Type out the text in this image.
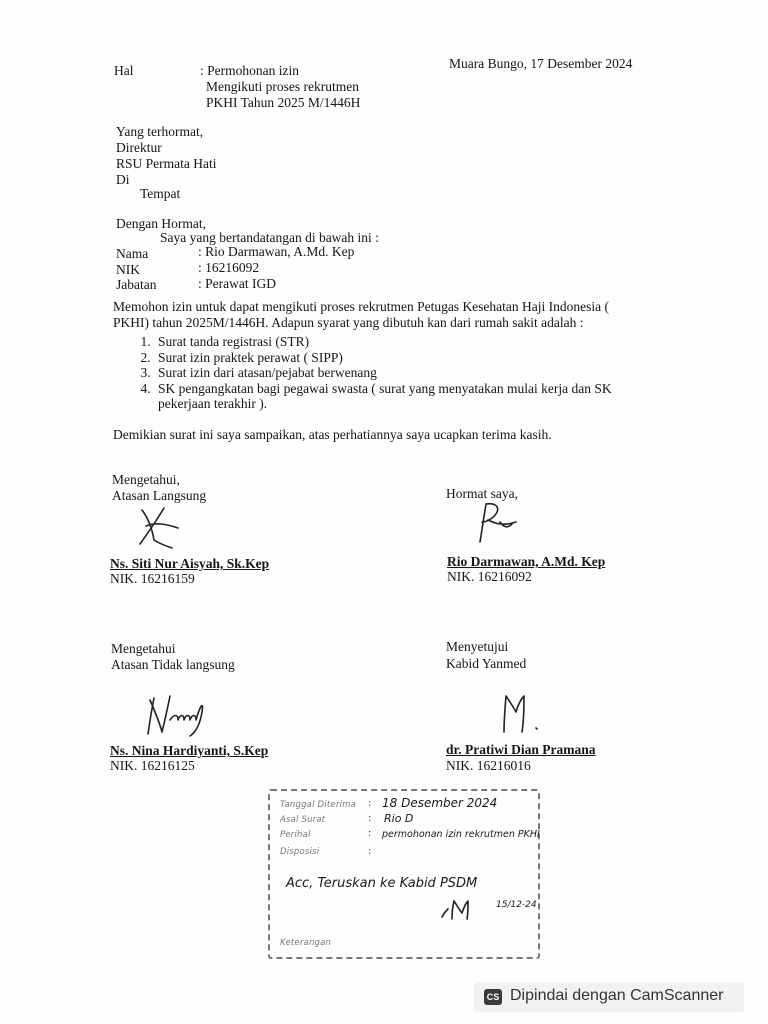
Hal	: Permohonan izin
Mengikuti proses rekrutmen
PKHI Tahun 2025 M/1446H
Muara Bungo, 17 Desember 2024
Yang terhormat,
Direktur
RSU Permata Hati
Di
Tempat
Dengan Hormat,
Saya yang bertandatangan di bawah ini :
Nama	: Rio Darmawan, A.Md. Kep
NIK	: 16216092
Jabatan	: Perawat IGD
Memohon izin untuk dapat mengikuti proses rekrutmen Petugas Kesehatan Haji Indonesia ( PKHI) tahun 2025M/1446H. Adapun syarat yang dibutuh kan dari rumah sakit adalah :
1. Surat tanda registrasi (STR)
2. Surat izin praktek perawat ( SIPP)
3. Surat izin dari atasan/pejabat berwenang
4. SK pengangkatan bagi pegawai swasta ( surat yang menyatakan mulai kerja dan SK pekerjaan terakhir ).
Demikian surat ini saya sampaikan, atas perhatiannya saya ucapkan terima kasih.
Mengetahui,
Atasan Langsung
Ns. Siti Nur Aisyah, Sk.Kep
NIK. 16216159
Hormat saya,
Rio Darmawan, A.Md. Kep
NIK. 16216092
Mengetahui
Atasan Tidak langsung
Ns. Nina Hardiyanti, S.Kep
NIK. 16216125
Menyetujui
Kabid Yanmed
dr. Pratiwi Dian Pramana
NIK. 16216016
Tanggal Diterima : 18 Desember 2024
Asal Surat	: Rio D
Perihal	: permohonan izin rekrutmen PKHI
Disposisi	:
Acc, Teruskan ke Kabid PSDM
15/12-24
Keterangan
CS Dipindai dengan CamScanner
